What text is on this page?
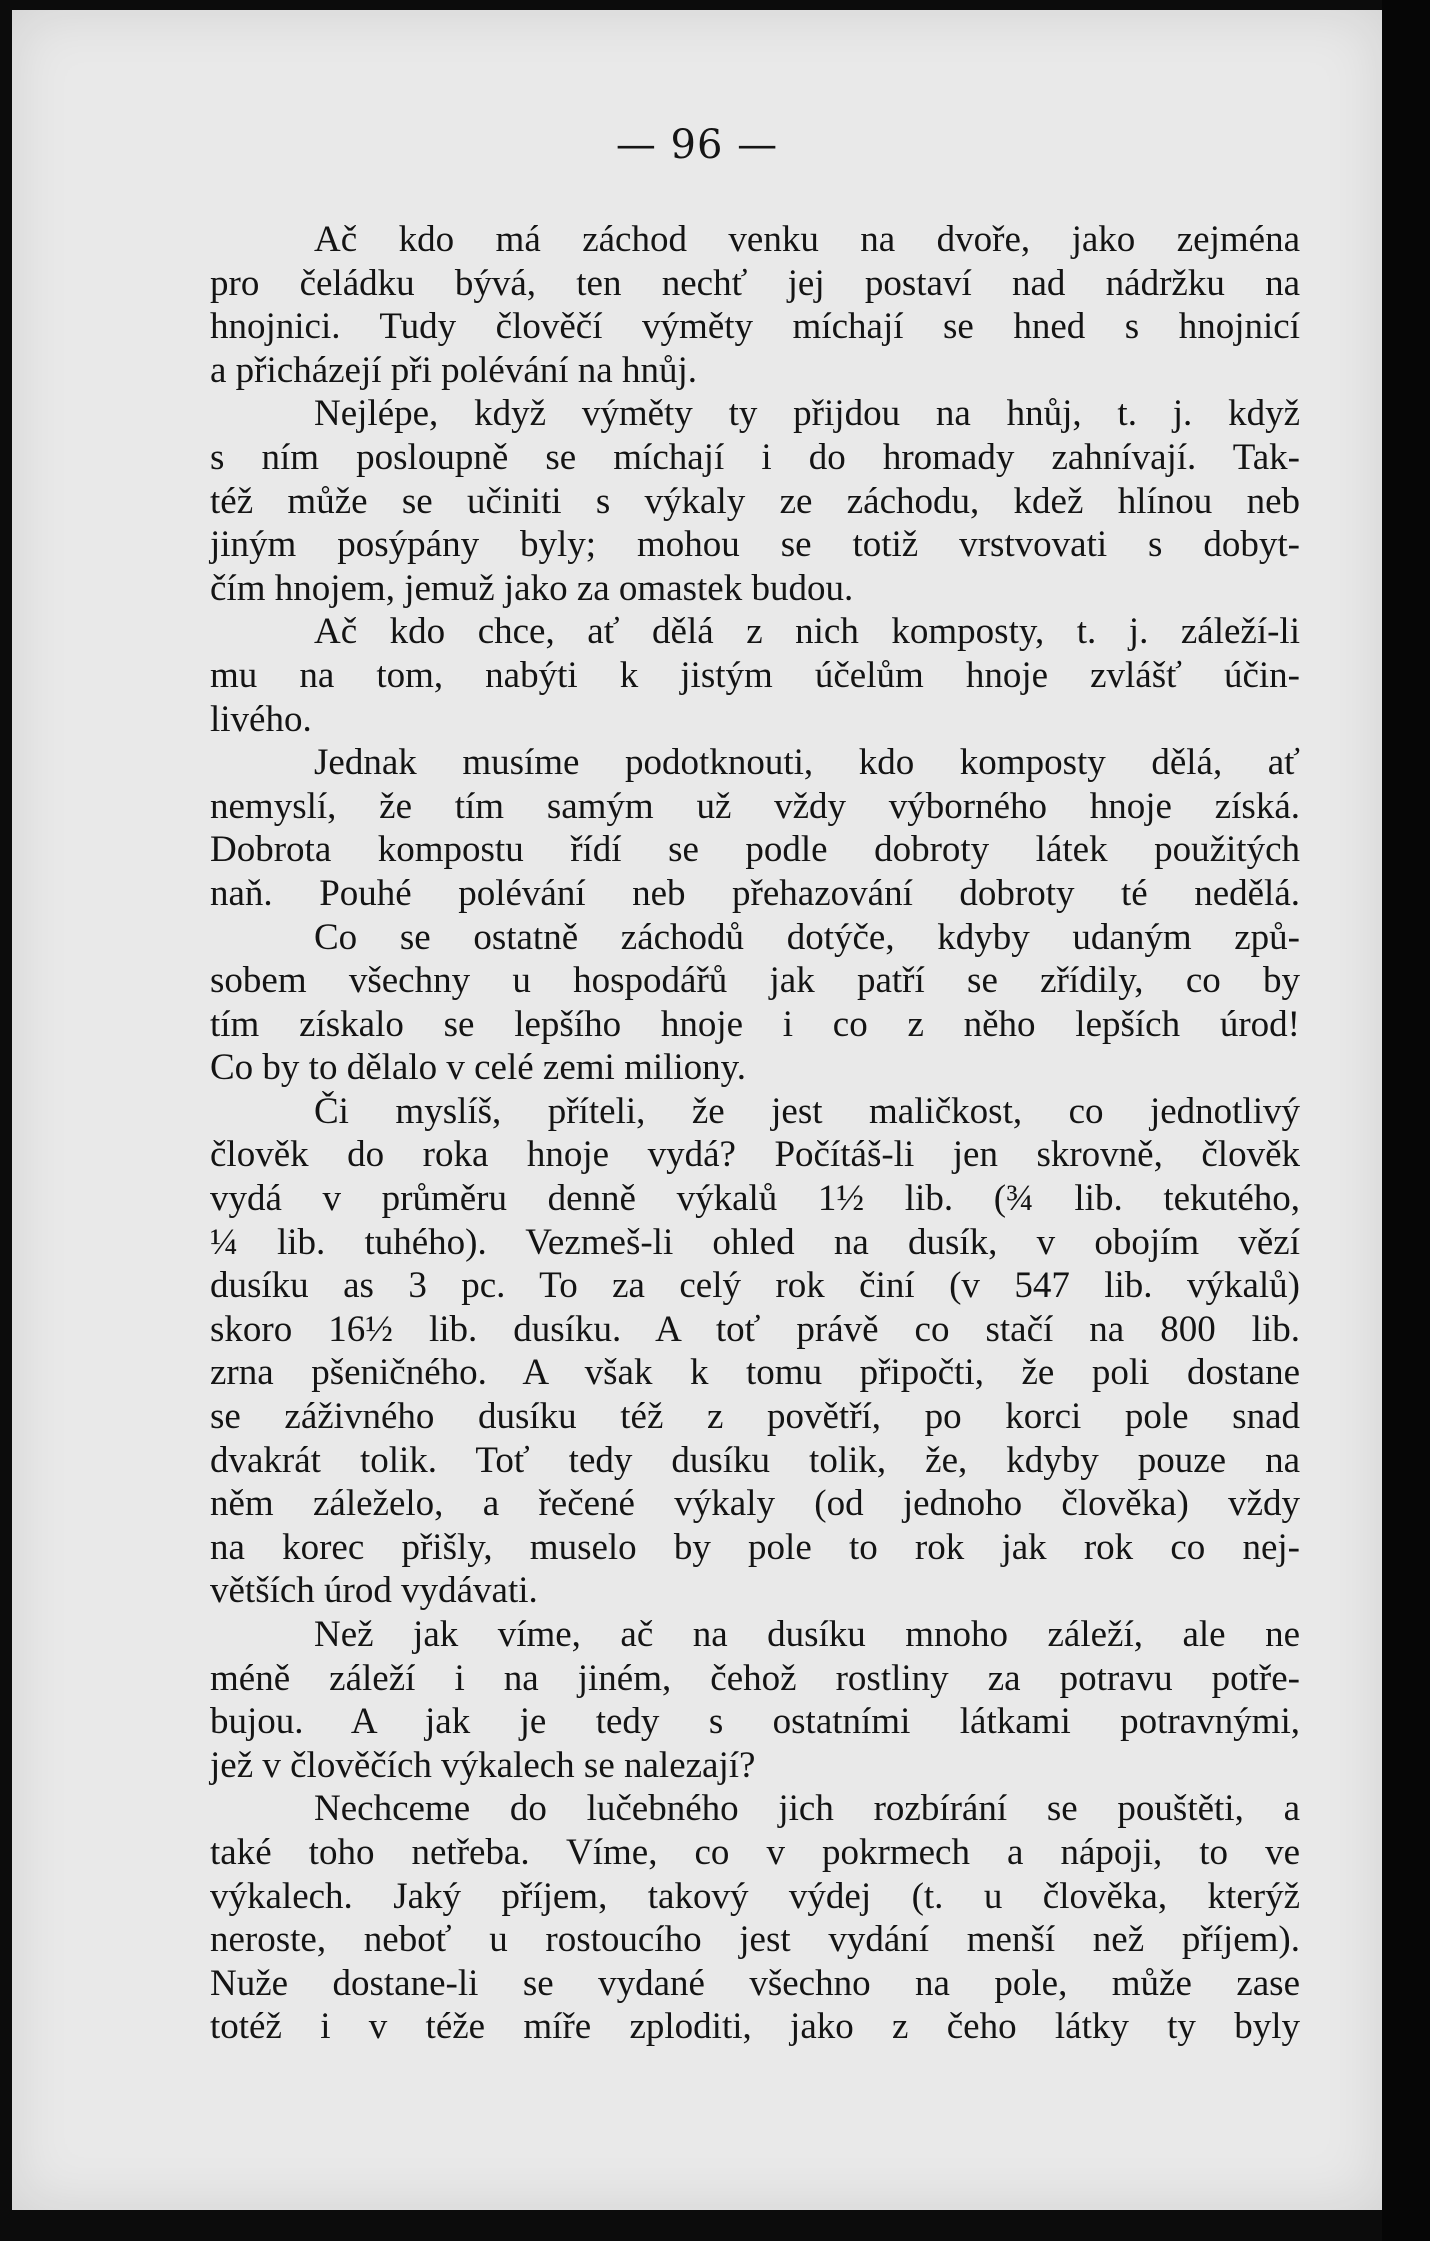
— 96 —
Ač kdo má záchod venku na dvoře, jako zejména
pro čeládku bývá, ten nechť jej postaví nad nádržku na
hnojnici. Tudy člověčí výměty míchají se hned s hnojnicí
a přicházejí při polévání na hnůj.
Nejlépe, když výměty ty přijdou na hnůj, t. j. když
s ním posloupně se míchají i do hromady zahnívají. Tak-
též může se učiniti s výkaly ze záchodu, kdež hlínou neb
jiným posýpány byly; mohou se totiž vrstvovati s dobyt-
čím hnojem, jemuž jako za omastek budou.
Ač kdo chce, ať dělá z nich komposty, t. j. záleží-li
mu na tom, nabýti k jistým účelům hnoje zvlášť účin-
livého.
Jednak musíme podotknouti, kdo komposty dělá, ať
nemyslí, že tím samým už vždy výborného hnoje získá.
Dobrota kompostu řídí se podle dobroty látek použitých
naň. Pouhé polévání neb přehazování dobroty té nedělá.
Co se ostatně záchodů dotýče, kdyby udaným způ-
sobem všechny u hospodářů jak patří se zřídily, co by
tím získalo se lepšího hnoje i co z něho lepších úrod!
Co by to dělalo v celé zemi miliony.
Či myslíš, příteli, že jest maličkost, co jednotlivý
člověk do roka hnoje vydá? Počítáš-li jen skrovně, člověk
vydá v průměru denně výkalů 1½ lib. (¾ lib. tekutého,
¼ lib. tuhého). Vezmeš-li ohled na dusík, v obojím vězí
dusíku as 3 pc. To za celý rok činí (v 547 lib. výkalů)
skoro 16½ lib. dusíku. A toť právě co stačí na 800 lib.
zrna pšeničného. A však k tomu připočti, že poli dostane
se záživného dusíku též z povětří, po korci pole snad
dvakrát tolik. Toť tedy dusíku tolik, že, kdyby pouze na
něm záleželo, a řečené výkaly (od jednoho člověka) vždy
na korec přišly, muselo by pole to rok jak rok co nej-
větších úrod vydávati.
Než jak víme, ač na dusíku mnoho záleží, ale ne
méně záleží i na jiném, čehož rostliny za potravu potře-
bujou. A jak je tedy s ostatními látkami potravnými,
jež v člověčích výkalech se nalezají?
Nechceme do lučebného jich rozbírání se pouštěti, a
také toho netřeba. Víme, co v pokrmech a nápoji, to ve
výkalech. Jaký příjem, takový výdej (t. u člověka, kterýž
neroste, neboť u rostoucího jest vydání menší než příjem).
Nuže dostane-li se vydané všechno na pole, může zase
totéž i v téže míře zploditi, jako z čeho látky ty byly
